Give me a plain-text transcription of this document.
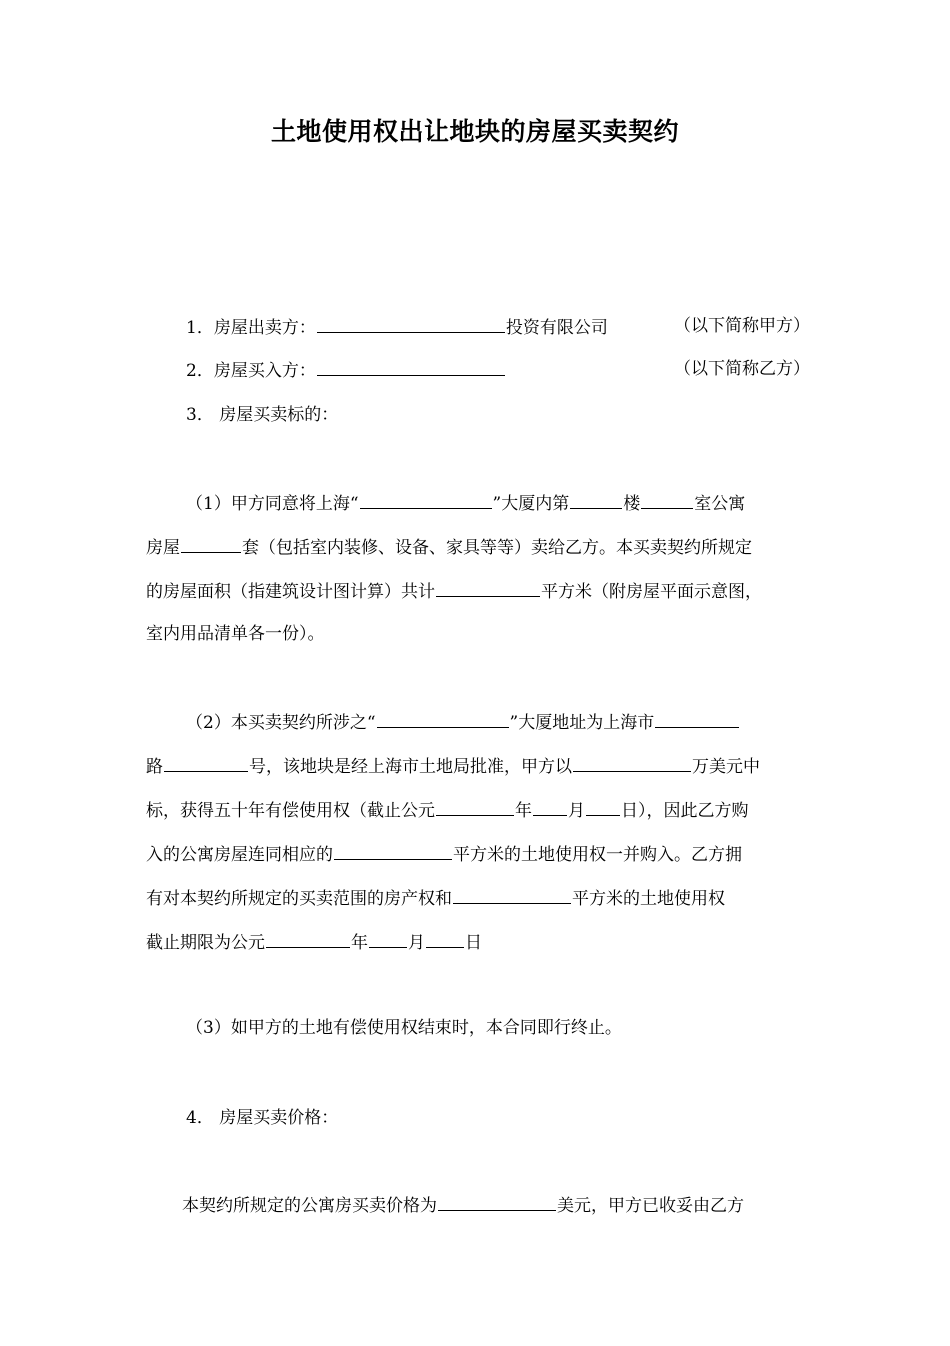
土地使用权出让地块的房屋买卖契约
1．房屋出卖方：	投资有限公司	（以下简称甲方）
2．房屋买入方：	（以下简称乙方）
3． 房屋买卖标的：
（1）甲方同意将上海“	”大厦内第	楼	室公寓
房屋	套（包括室内装修、设备、家具等等）卖给乙方。本买卖契约所规定
的房屋面积（指建筑设计图计算）共计	平方米（附房屋平面示意图，
室内用品清单各一份）。
（2）本买卖契约所涉之“	”大厦地址为上海市
路	号，该地块是经上海市土地局批准，甲方以	万美元中
标，获得五十年有偿使用权（截止公元	年 月 日），因此乙方购
入的公寓房屋连同相应的	平方米的土地使用权一并购入。乙方拥
有对本契约所规定的买卖范围的房产权和	平方米的土地使用权
截止期限为公元	年 月 日
（3）如甲方的土地有偿使用权结束时，本合同即行终止。
4． 房屋买卖价格：
本契约所规定的公寓房买卖价格为	美元，甲方已收妥由乙方
